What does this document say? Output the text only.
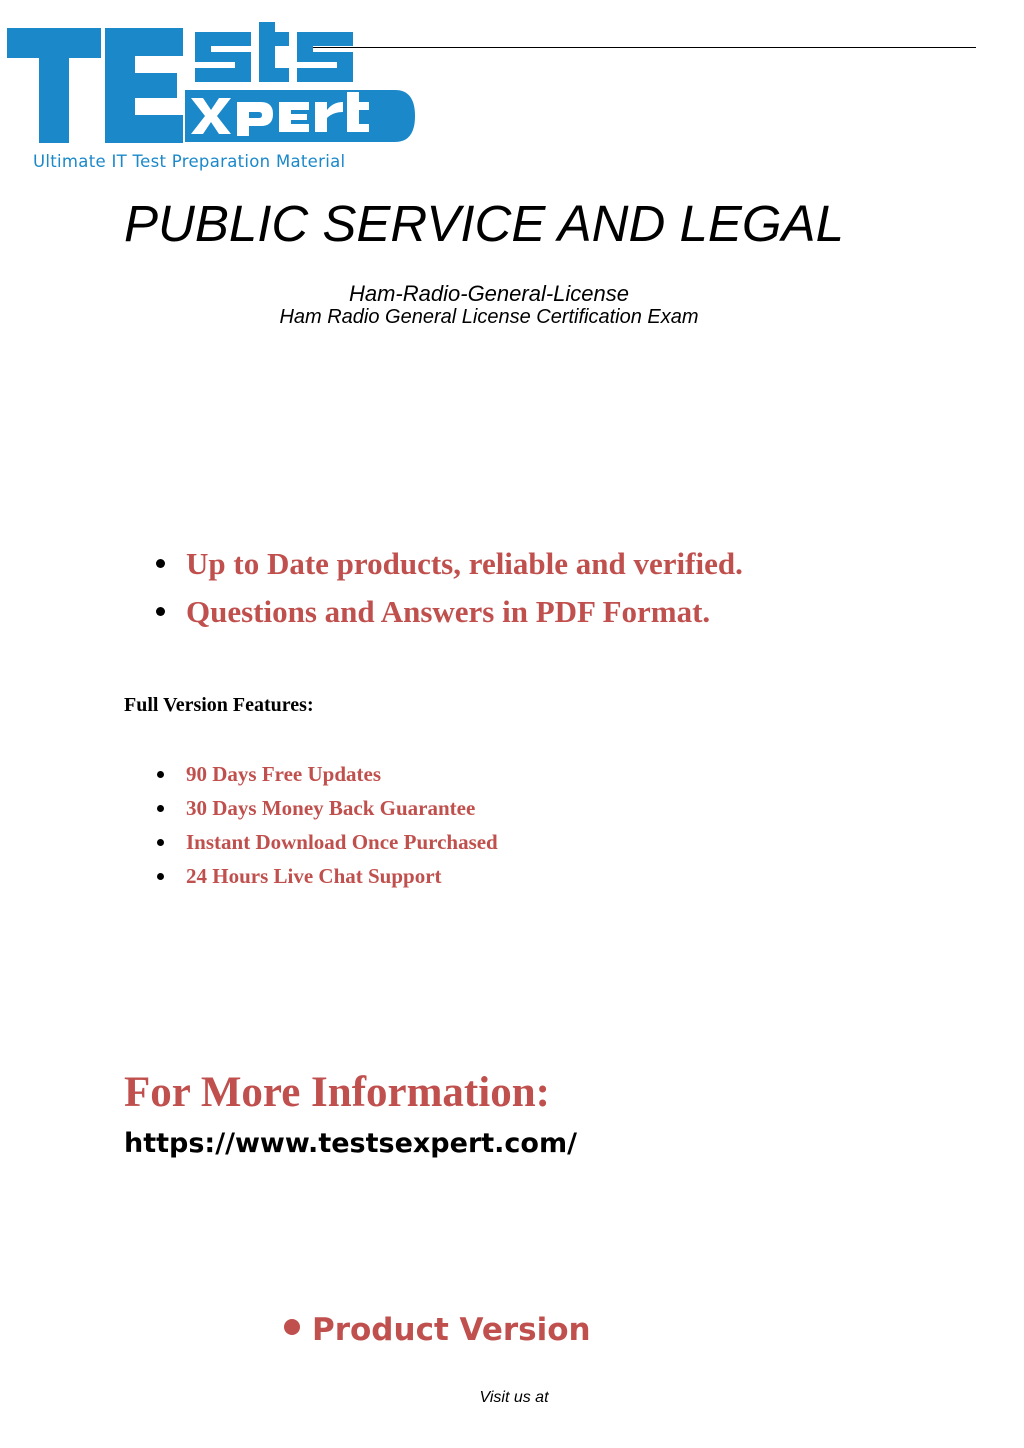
Ultimate IT Test Preparation Material
PUBLIC SERVICE AND LEGAL
Ham-Radio-General-License
Ham Radio General License Certification Exam
Up to Date products, reliable and verified.
Questions and Answers in PDF Format.
Full Version Features:
90 Days Free Updates
30 Days Money Back Guarantee
Instant Download Once Purchased
24 Hours Live Chat Support
For More Information:
https://www.testsexpert.com/
Product Version
Visit us at
